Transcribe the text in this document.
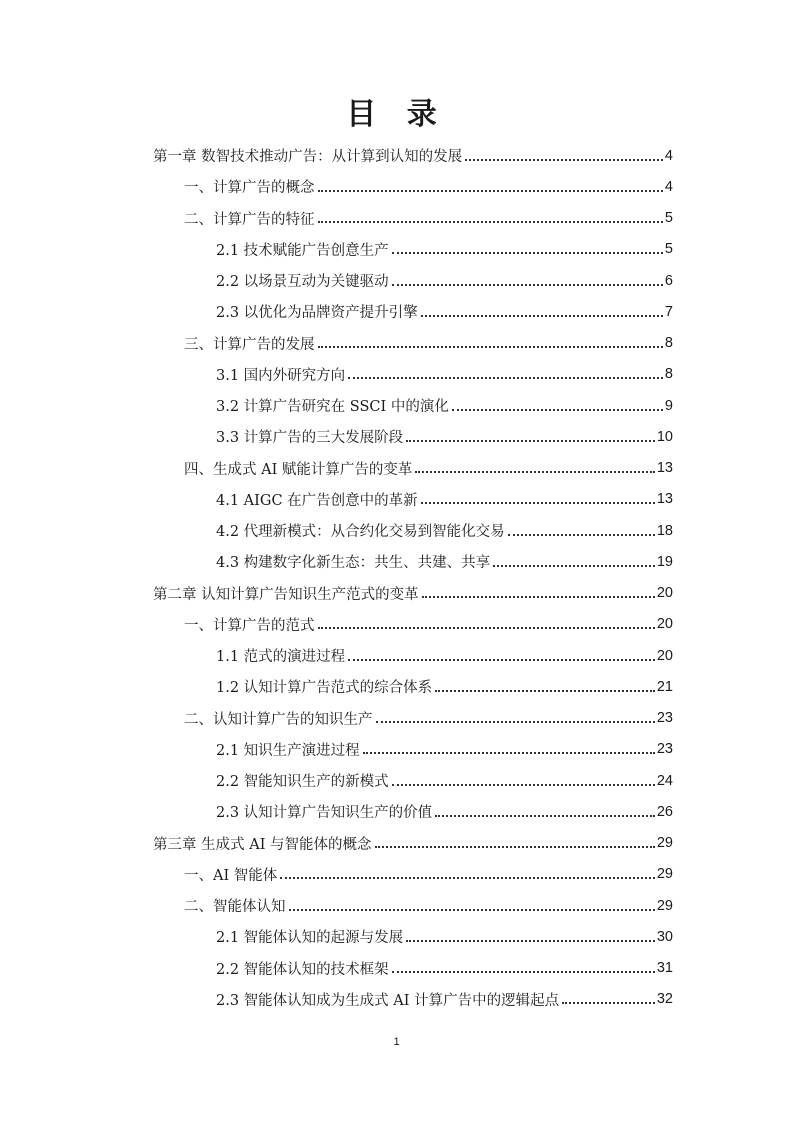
目 录
第一章 数智技术推动广告：从计算到认知的发展	4
一、计算广告的概念	4
二、计算广告的特征	5
2.1 技术赋能广告创意生产	5
2.2 以场景互动为关键驱动	6
2.3 以优化为品牌资产提升引擎	7
三、计算广告的发展	8
3.1 国内外研究方向	8
3.2 计算广告研究在 SSCI 中的演化	9
3.3 计算广告的三大发展阶段	10
四、生成式 AI 赋能计算广告的变革	13
4.1 AIGC 在广告创意中的革新	13
4.2 代理新模式：从合约化交易到智能化交易	18
4.3 构建数字化新生态：共生、共建、共享	19
第二章 认知计算广告知识生产范式的变革	20
一、计算广告的范式	20
1.1 范式的演进过程	20
1.2 认知计算广告范式的综合体系	21
二、认知计算广告的知识生产	23
2.1 知识生产演进过程	23
2.2 智能知识生产的新模式	24
2.3 认知计算广告知识生产的价值	26
第三章 生成式 AI 与智能体的概念	29
一、AI 智能体	29
二、智能体认知	29
2.1 智能体认知的起源与发展	30
2.2 智能体认知的技术框架	31
2.3 智能体认知成为生成式 AI 计算广告中的逻辑起点	32
1
